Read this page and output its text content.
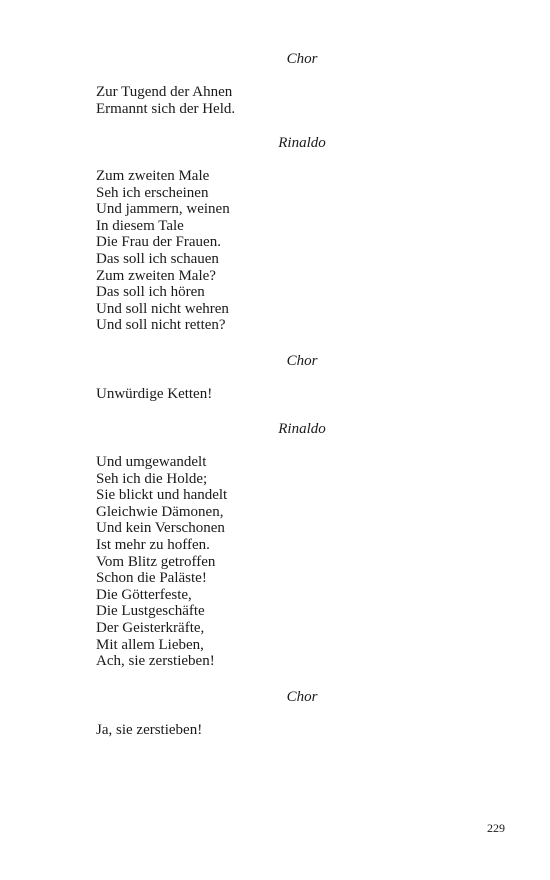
Chor

Zur Tugend der Ahnen
Ermannt sich der Held.

Rinaldo

Zum zweiten Male
Seh ich erscheinen
Und jammern, weinen
In diesem Tale
Die Frau der Frauen.
Das soll ich schauen
Zum zweiten Male?
Das soll ich hören
Und soll nicht wehren
Und soll nicht retten?

Chor

Unwürdige Ketten!

Rinaldo

Und umgewandelt
Seh ich die Holde;
Sie blickt und handelt
Gleichwie Dämonen,
Und kein Verschonen
Ist mehr zu hoffen.
Vom Blitz getroffen
Schon die Paläste!
Die Götterfeste,
Die Lustgeschäfte
Der Geisterkräfte,
Mit allem Lieben,
Ach, sie zerstieben!

Chor

Ja, sie zerstieben!

229
